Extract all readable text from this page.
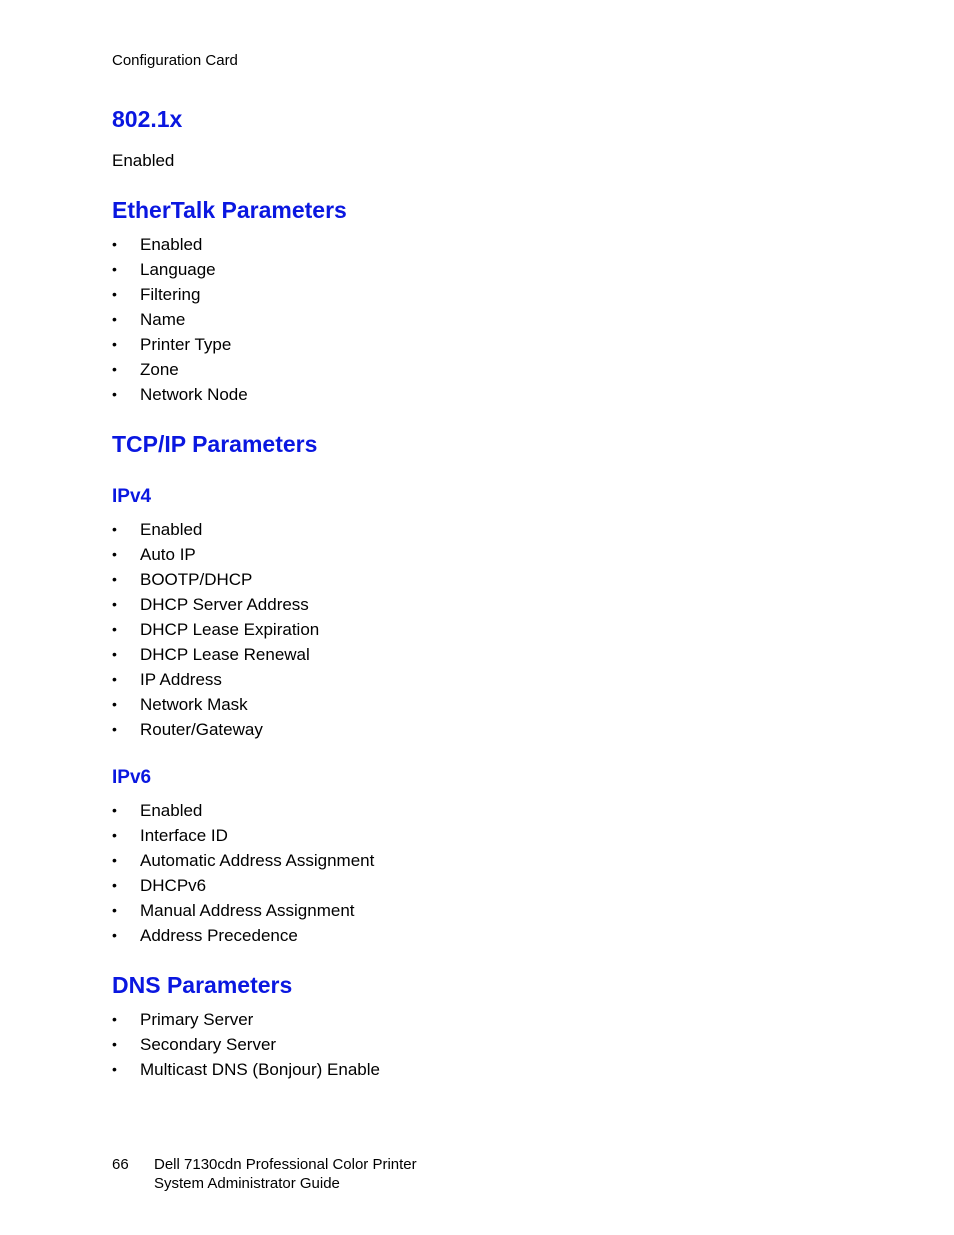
Configuration Card
802.1x
Enabled
EtherTalk Parameters
• Enabled
• Language
• Filtering
• Name
• Printer Type
• Zone
• Network Node
TCP/IP Parameters
IPv4
• Enabled
• Auto IP
• BOOTP/DHCP
• DHCP Server Address
• DHCP Lease Expiration
• DHCP Lease Renewal
• IP Address
• Network Mask
• Router/Gateway
IPv6
• Enabled
• Interface ID
• Automatic Address Assignment
• DHCPv6
• Manual Address Assignment
• Address Precedence
DNS Parameters
• Primary Server
• Secondary Server
• Multicast DNS (Bonjour) Enable
66 Dell 7130cdn Professional Color Printer
System Administrator Guide
